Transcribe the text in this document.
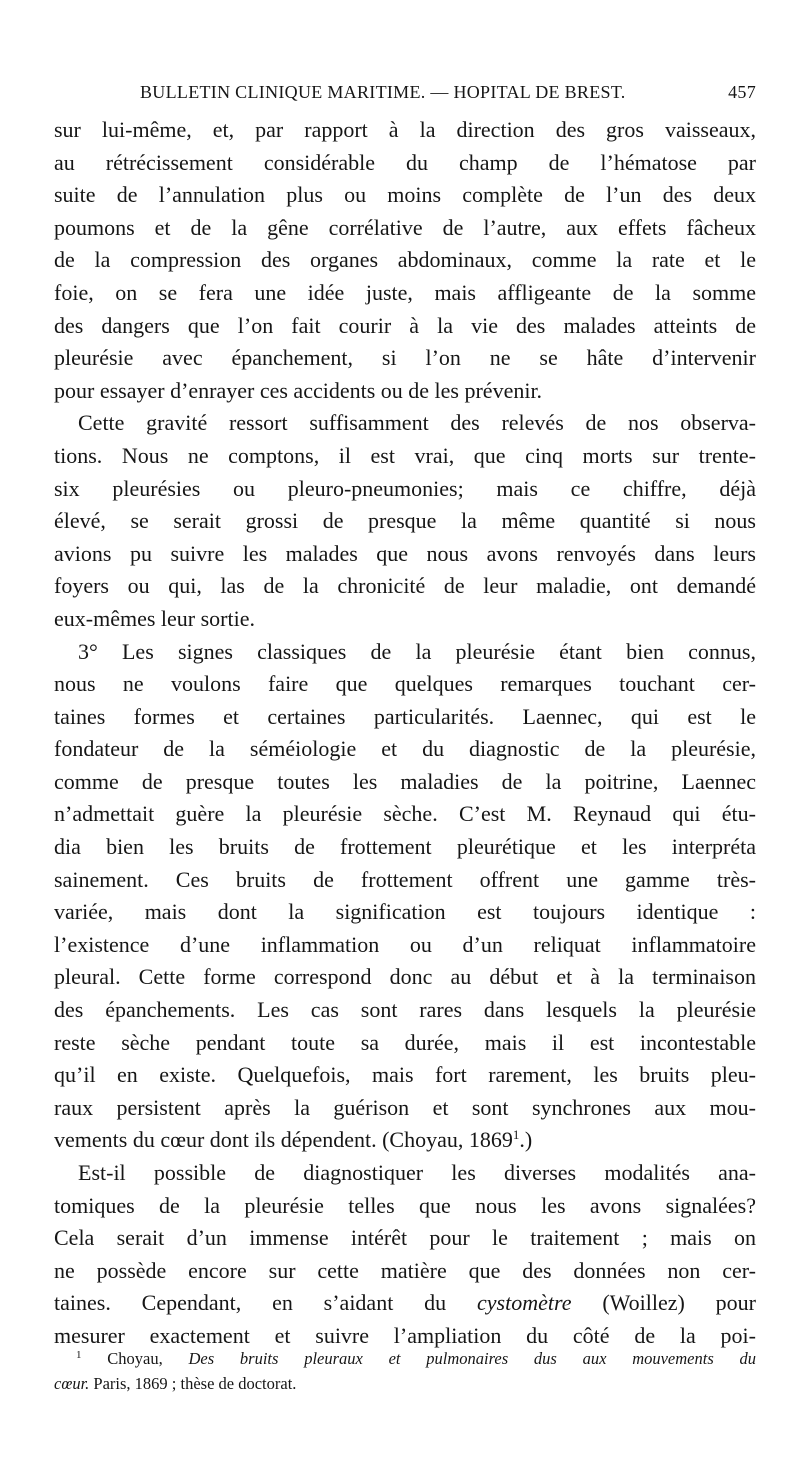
BULLETIN CLINIQUE MARITIME. — HOPITAL DE BREST.	457
sur lui-même, et, par rapport à la direction des gros vaisseaux,
au rétrécissement considérable du champ de l’hématose par
suite de l’annulation plus ou moins complète de l’un des deux
poumons et de la gêne corrélative de l’autre, aux effets fâcheux
de la compression des organes abdominaux, comme la rate et le
foie, on se fera une idée juste, mais affligeante de la somme
des dangers que l’on fait courir à la vie des malades atteints de
pleurésie avec épanchement, si l’on ne se hâte d’intervenir
pour essayer d’enrayer ces accidents ou de les prévenir.
Cette gravité ressort suffisamment des relevés de nos observa-
tions. Nous ne comptons, il est vrai, que cinq morts sur trente-
six pleurésies ou pleuro-pneumonies; mais ce chiffre, déjà
élevé, se serait grossi de presque la même quantité si nous
avions pu suivre les malades que nous avons renvoyés dans leurs
foyers ou qui, las de la chronicité de leur maladie, ont demandé
eux-mêmes leur sortie.
3° Les signes classiques de la pleurésie étant bien connus,
nous ne voulons faire que quelques remarques touchant cer-
taines formes et certaines particularités. Laennec, qui est le
fondateur de la séméiologie et du diagnostic de la pleurésie,
comme de presque toutes les maladies de la poitrine, Laennec
n’admettait guère la pleurésie sèche. C’est M. Reynaud qui étu-
dia bien les bruits de frottement pleurétique et les interpréta
sainement. Ces bruits de frottement offrent une gamme très-
variée, mais dont la signification est toujours identique :
l’existence d’une inflammation ou d’un reliquat inflammatoire
pleural. Cette forme correspond donc au début et à la terminaison
des épanchements. Les cas sont rares dans lesquels la pleurésie
reste sèche pendant toute sa durée, mais il est incontestable
qu’il en existe. Quelquefois, mais fort rarement, les bruits pleu-
raux persistent après la guérison et sont synchrones aux mou-
vements du cœur dont ils dépendent. (Choyau, 1869$^1$.)
Est-il possible de diagnostiquer les diverses modalités ana-
tomiques de la pleurésie telles que nous les avons signalées?
Cela serait d’un immense intérêt pour le traitement ; mais on
ne possède encore sur cette matière que des données non cer-
taines. Cependant, en s’aidant du cystomètre (Woillez) pour
mesurer exactement et suivre l’ampliation du côté de la poi-
$^1$ Choyau, Des bruits pleuraux et pulmonaires dus aux mouvements du
cœur. Paris, 1869 ; thèse de doctorat.
